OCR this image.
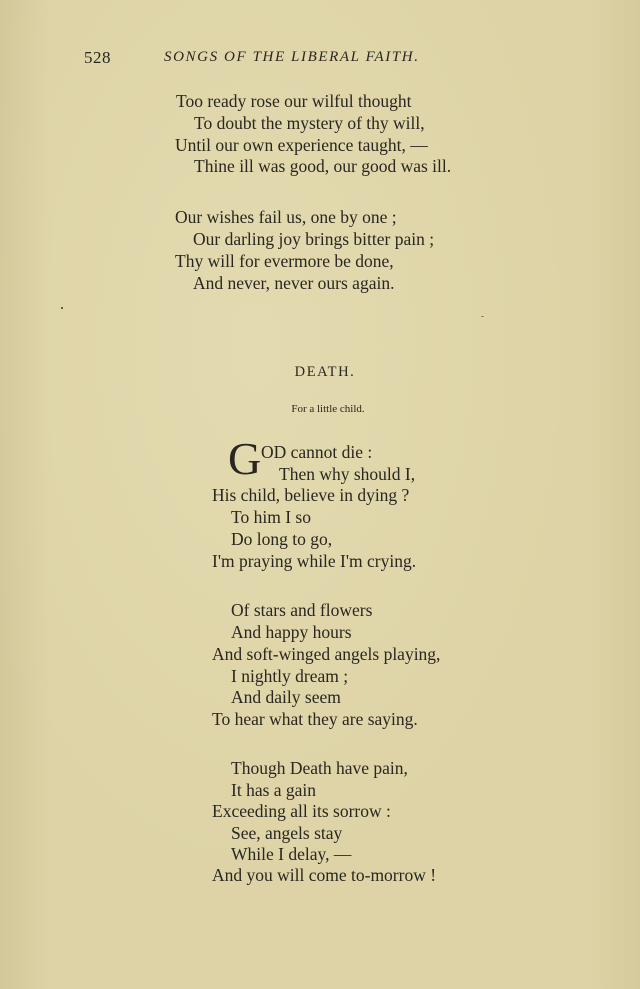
528	SONGS OF THE LIBERAL FAITH.
Too ready rose our wilful thought
To doubt the mystery of thy will,
Until our own experience taught, —
Thine ill was good, our good was ill.
Our wishes fail us, one by one ;
Our darling joy brings bitter pain ;
Thy will for evermore be done,
And never, never ours again.
DEATH.
For a little child.
G OD cannot die :
Then why should I,
His child, believe in dying ?
To him I so
Do long to go,
I'm praying while I'm crying.
Of stars and flowers
And happy hours
And soft-winged angels playing,
I nightly dream ;
And daily seem
To hear what they are saying.
Though Death have pain,
It has a gain
Exceeding all its sorrow :
See, angels stay
While I delay, —
And you will come to-morrow !
